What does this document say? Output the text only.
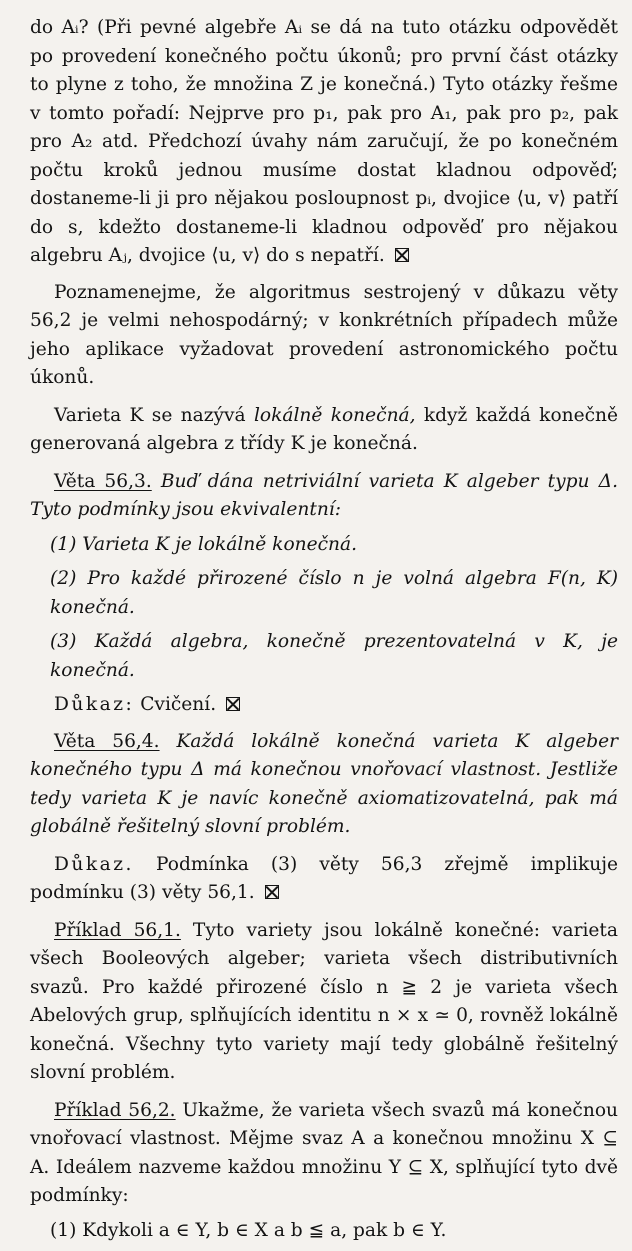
do Aᵢ? (Při pevné algebře Aᵢ se dá na tuto otázku odpovědět po provedení konečného počtu úkonů; pro první část otázky to plyne z toho, že množina Z je konečná.) Tyto otázky řešme v tomto pořadí: Nejprve pro p₁, pak pro A₁, pak pro p₂, pak pro A₂ atd. Předchozí úvahy nám zaručují, že po konečném počtu kroků jednou musíme dostat kladnou odpověď; dostaneme-li ji pro nějakou posloupnost pᵢ, dvojice ⟨u, v⟩ patří do s, kdežto dostaneme-li kladnou odpověď pro nějakou algebru Aⱼ, dvojice ⟨u, v⟩ do s nepatří.

Poznamenejme, že algoritmus sestrojený v důkazu věty 56,2 je velmi nehospodárný; v konkrétních případech může jeho aplikace vyžadovat provedení astronomického počtu úkonů.

Varieta K se nazývá lokálně konečná, když každá konečně generovaná algebra z třídy K je konečná.

Věta 56,3. Buď dána netriviální varieta K algeber typu Δ. Tyto podmínky jsou ekvivalentní:

(1) Varieta K je lokálně konečná.

(2) Pro každé přirozené číslo n je volná algebra F(n, K) konečná.

(3) Každá algebra, konečně prezentovatelná v K, je konečná.

Důkaz: Cvičení.

Věta 56,4. Každá lokálně konečná varieta K algeber konečného typu Δ má konečnou vnořovací vlastnost. Jestliže tedy varieta K je navíc konečně axiomatizovatelná, pak má globálně řešitelný slovní problém.

Důkaz. Podmínka (3) věty 56,3 zřejmě implikuje podmínku (3) věty 56,1.

Příklad 56,1. Tyto variety jsou lokálně konečné: varieta všech Booleových algeber; varieta všech distributivních svazů. Pro každé přirozené číslo n ≧ 2 je varieta všech Abelových grup, splňujících identitu n × x ≃ 0, rovněž lokálně konečná. Všechny tyto variety mají tedy globálně řešitelný slovní problém.

Příklad 56,2. Ukažme, že varieta všech svazů má konečnou vnořovací vlastnost. Mějme svaz A a konečnou množinu X ⊆ A. Ideálem nazveme každou množinu Y ⊆ X, splňující tyto dvě podmínky:

(1) Kdykoli a ∈ Y, b ∈ X a b ≦ a, pak b ∈ Y.
